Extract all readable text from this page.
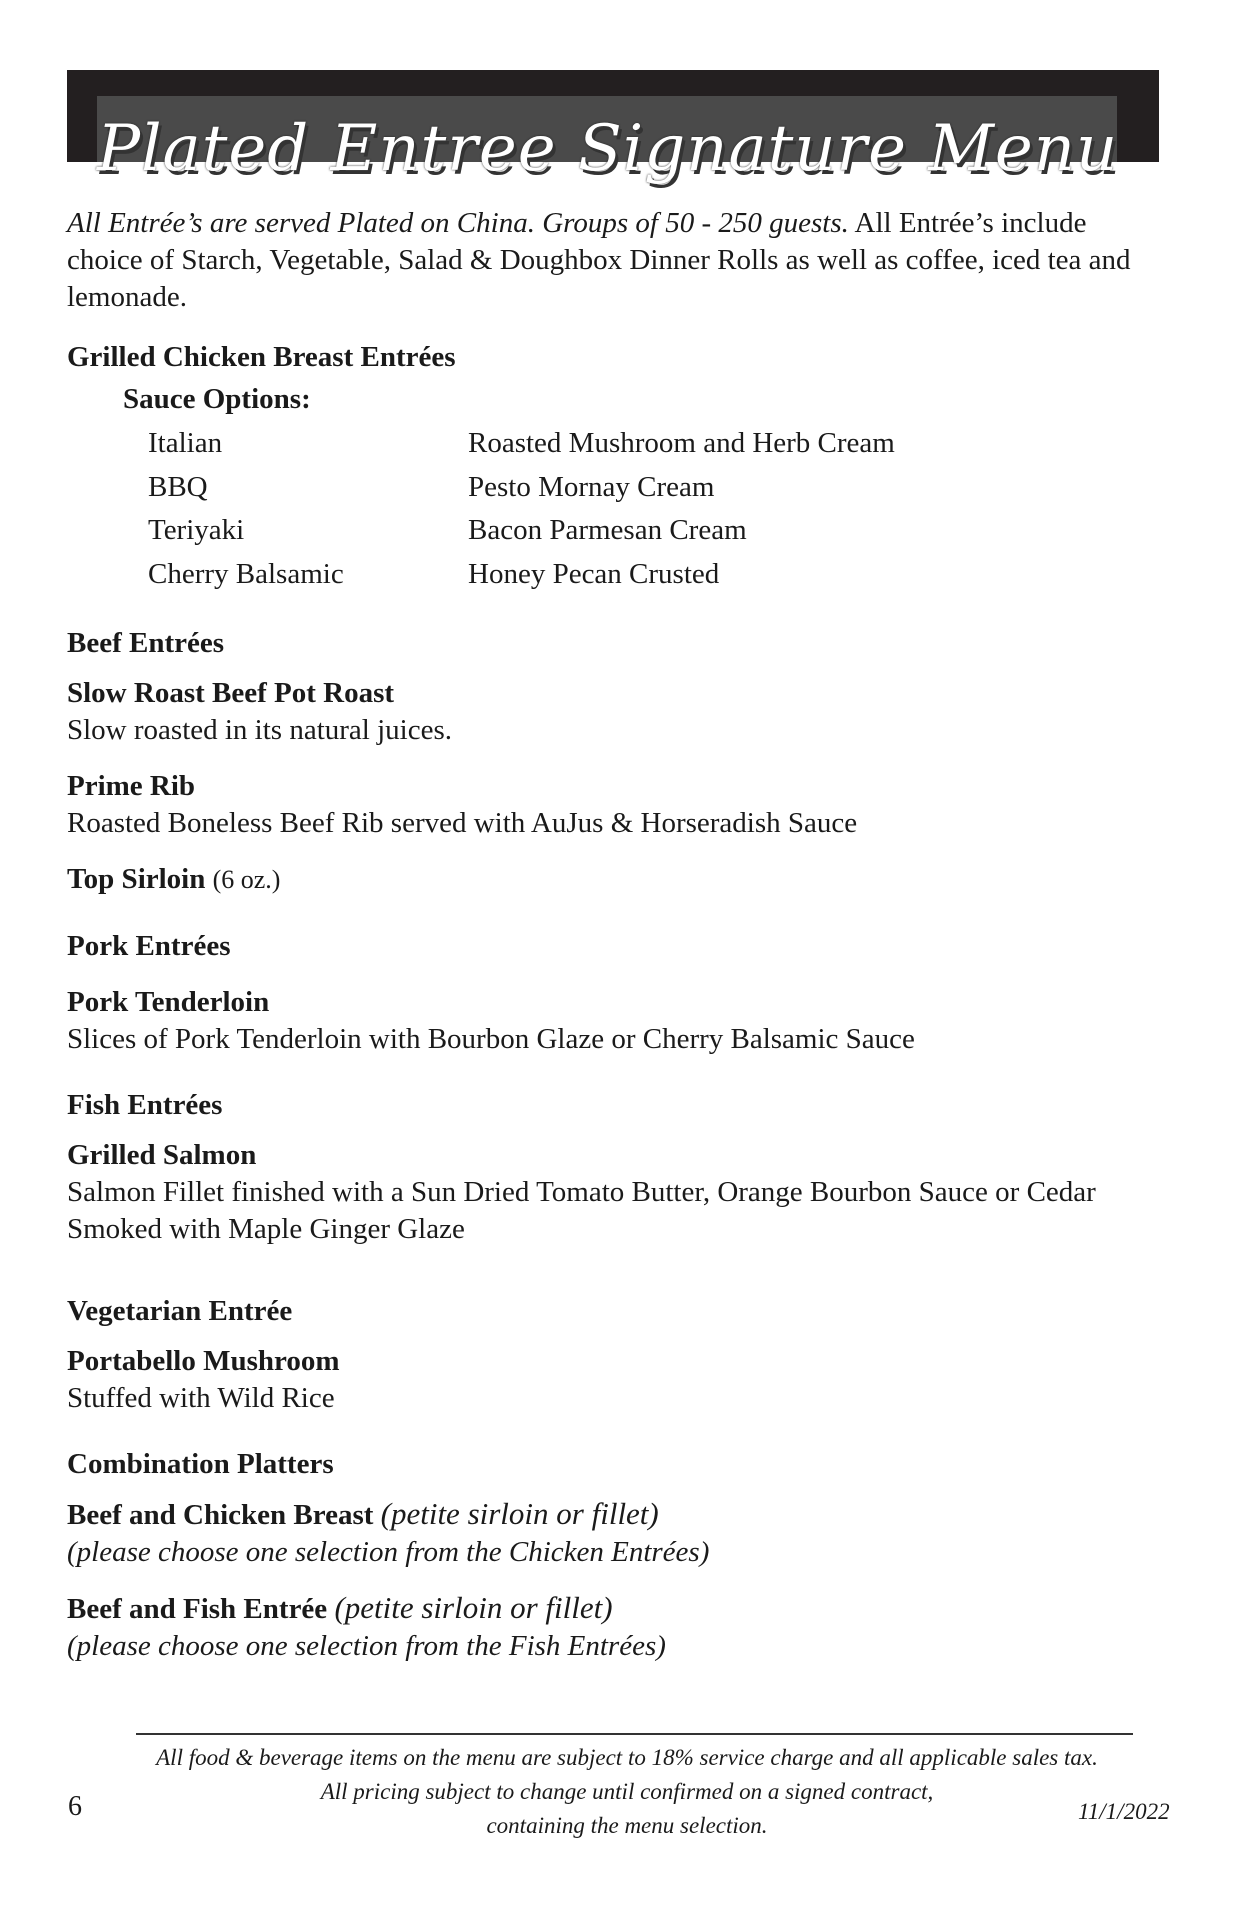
Plated Entree Signature Menu

All Entrée’s are served Plated on China. Groups of 50 - 250 guests. All Entrée’s include choice of Starch, Vegetable, Salad & Doughbox Dinner Rolls as well as coffee, iced tea and lemonade.

Grilled Chicken Breast Entrées

Sauce Options:

Italian	Roasted Mushroom and Herb Cream
BBQ	Pesto Mornay Cream
Teriyaki	Bacon Parmesan Cream
Cherry Balsamic	Honey Pecan Crusted

Beef Entrées

Slow Roast Beef Pot Roast

Slow roasted in its natural juices.

Prime Rib

Roasted Boneless Beef Rib served with AuJus & Horseradish Sauce

Top Sirloin (6 oz.)

Pork Entrées

Pork Tenderloin

Slices of Pork Tenderloin with Bourbon Glaze or Cherry Balsamic Sauce

Fish Entrées

Grilled Salmon

Salmon Fillet finished with a Sun Dried Tomato Butter, Orange Bourbon Sauce or Cedar Smoked with Maple Ginger Glaze

Vegetarian Entrée

Portabello Mushroom

Stuffed with Wild Rice

Combination Platters

Beef and Chicken Breast (petite sirloin or fillet)

(please choose one selection from the Chicken Entrées)

Beef and Fish Entrée (petite sirloin or fillet)

(please choose one selection from the Fish Entrées)

All food & beverage items on the menu are subject to 18% service charge and all applicable sales tax.
All pricing subject to change until confirmed on a signed contract,
containing the menu selection.
6	11/1/2022
